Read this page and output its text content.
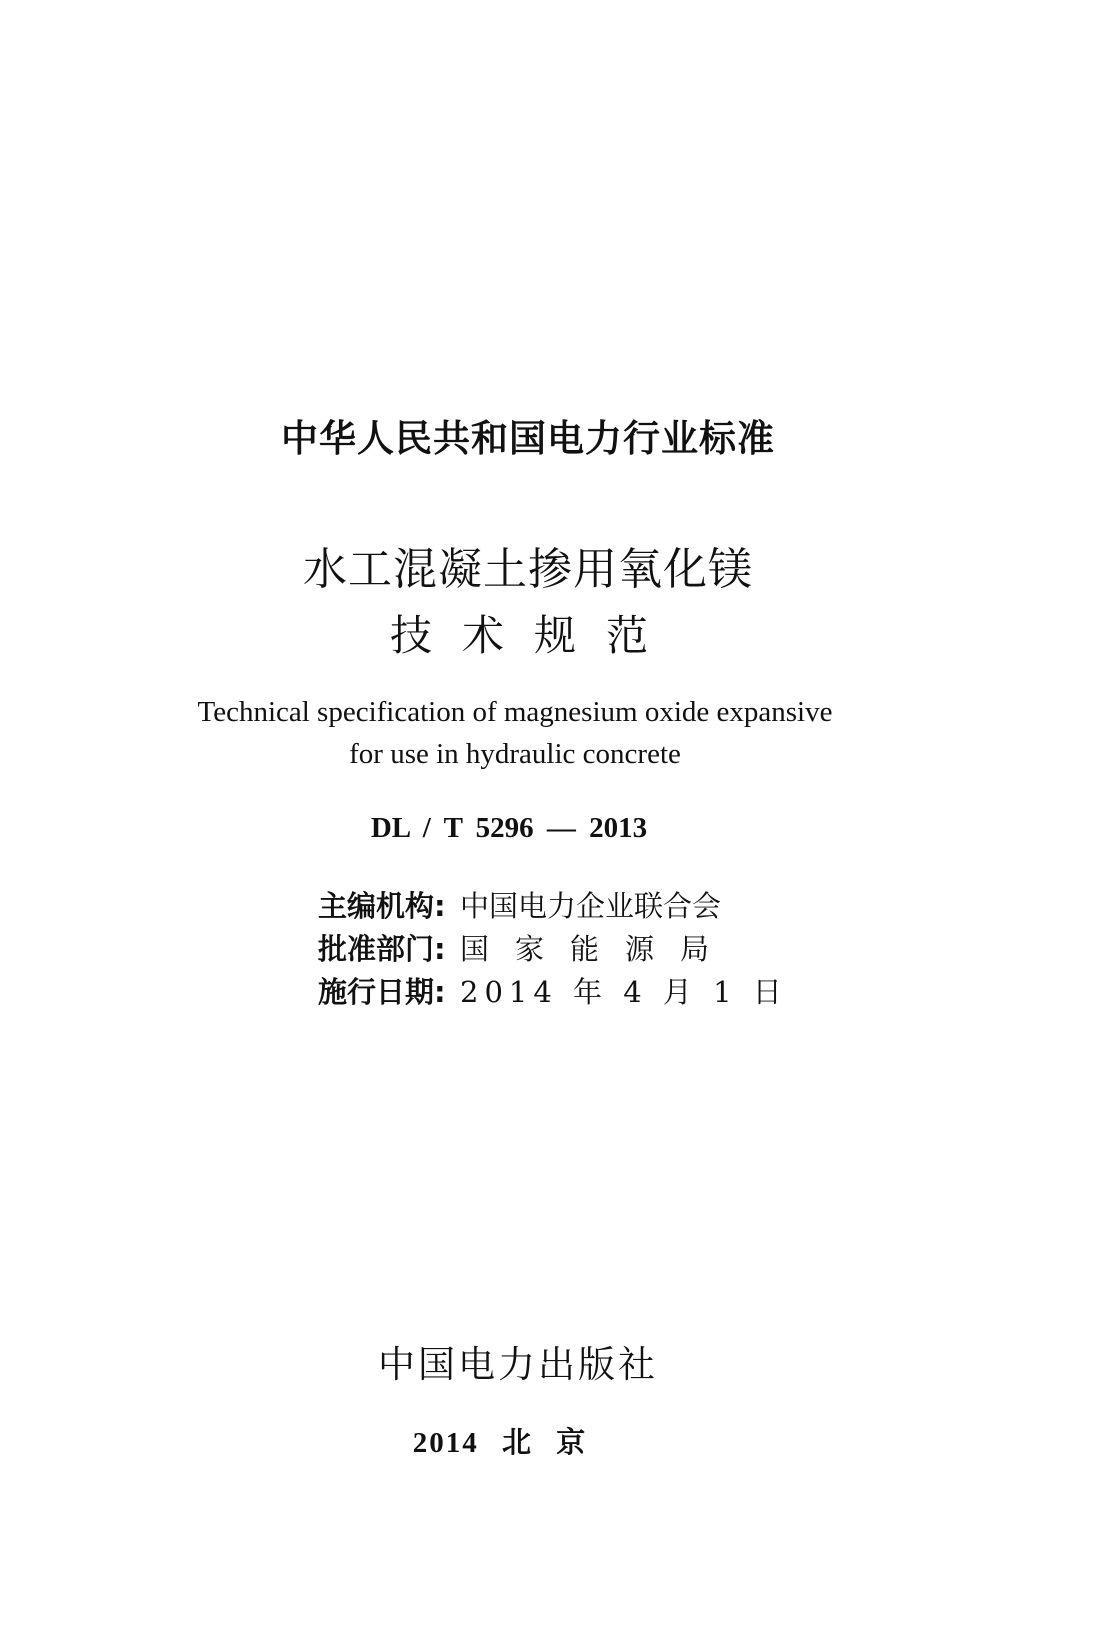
中华人民共和国电力行业标准
水工混凝土掺用氧化镁
技术规范
Technical specification of magnesium oxide expansive
for use in hydraulic concrete
DL / T 5296 — 2013
主编机构: 中国电力企业联合会
批准部门: 国家能源局
施行日期: 2014 年 4 月 1 日
中国电力出版社
2014 北 京
